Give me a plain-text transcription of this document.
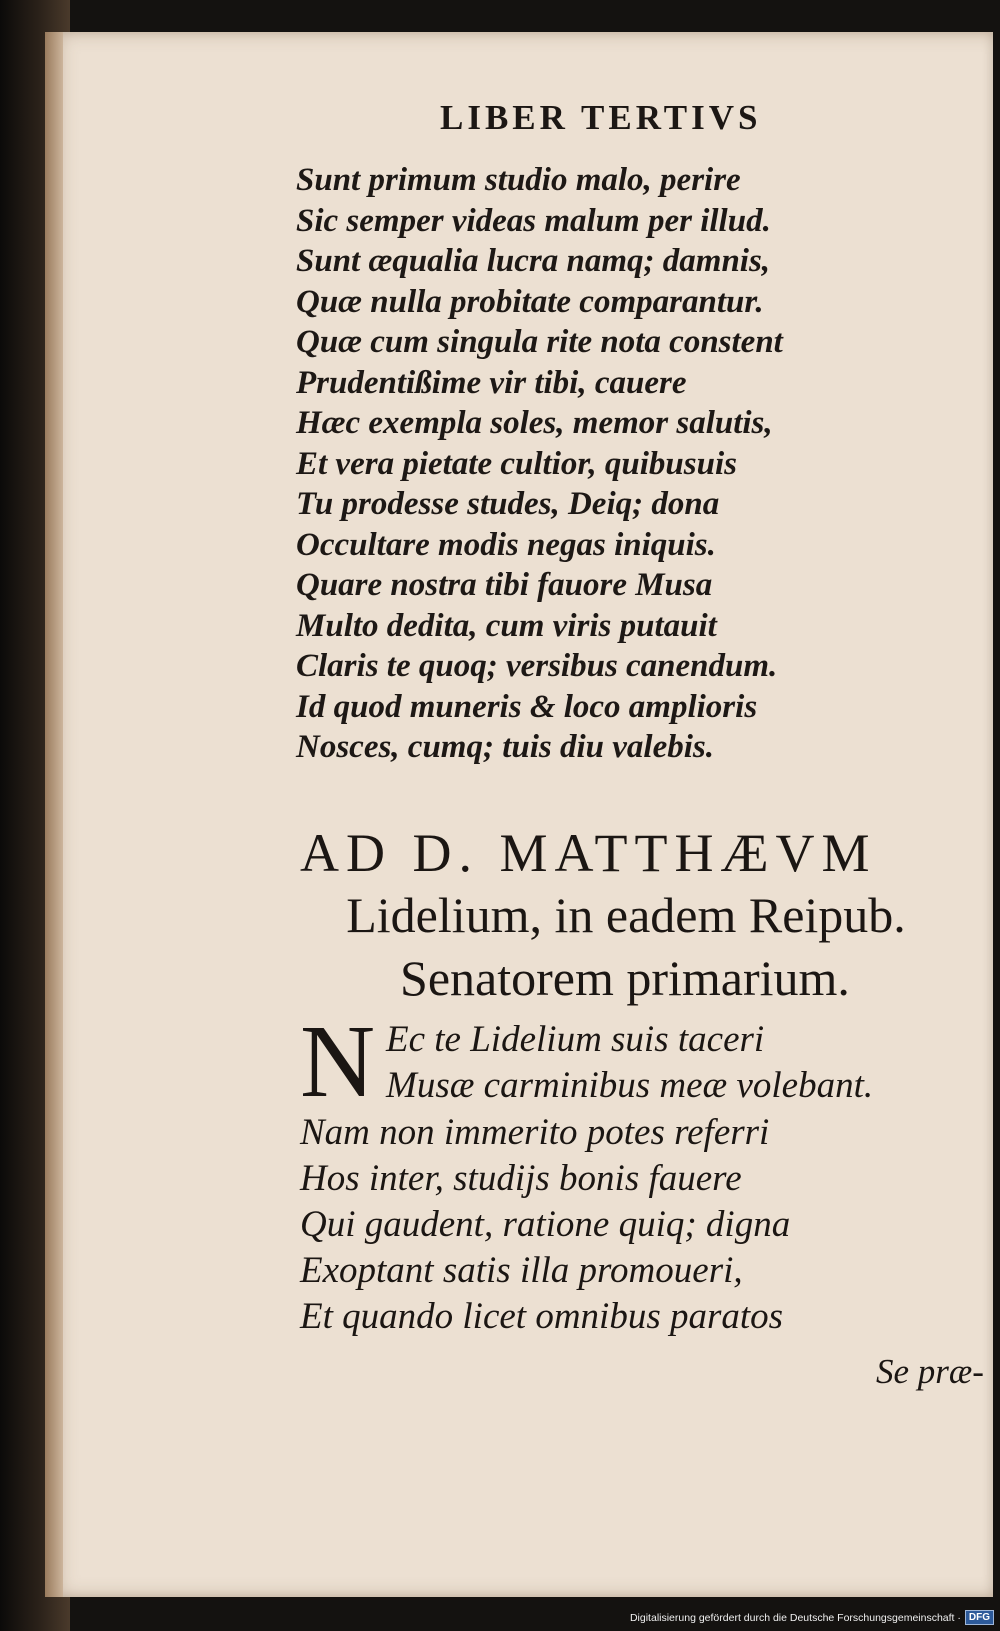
LIBER TERTIVS
Sunt primum studio malo, perire
Sic semper videas malum per illud.
Sunt æqualia lucra namq; damnis,
Quæ nulla probitate comparantur.
Quæ cum singula rite nota constent
Prudentißime vir tibi, cauere
Hæc exempla soles, memor salutis,
Et vera pietate cultior, quibusuis
Tu prodesse studes, Deiq; dona
Occultare modis negas iniquis.
Quare nostra tibi fauore Musa
Multo dedita, cum viris putauit
Claris te quoq; versibus canendum.
Id quod muneris & loco amplioris
Nosces, cumq; tuis diu valebis.
AD D. MATTHÆVM
Lidelium, in eadem Reipub.
Senatorem primarium.
N Ec te Lidelium suis taceri
Musæ carminibus meæ volebant.
Nam non immerito potes referri
Hos inter, studijs bonis fauere
Qui gaudent, ratione quiq; digna
Exoptant satis illa promoueri,
Et quando licet omnibus paratos
Se præ-
Digitalisierung gefördert durch die Deutsche Forschungsgemeinschaft · DFG
